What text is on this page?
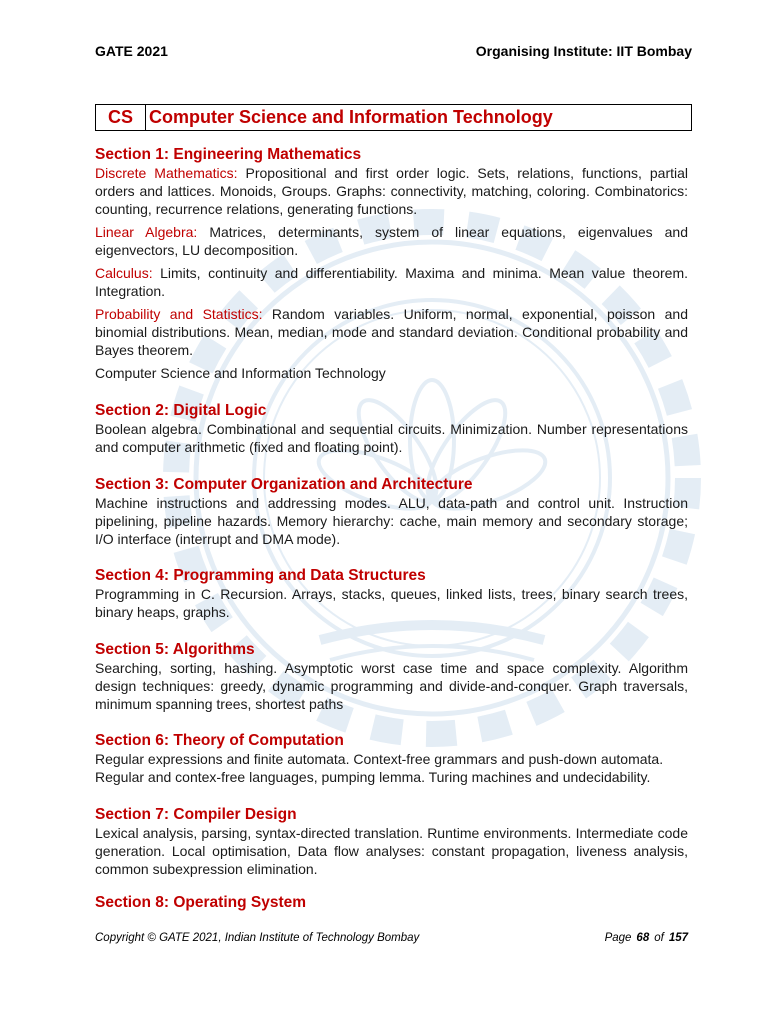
GATE 2021	Organising Institute: IIT Bombay
CS Computer Science and Information Technology
Section 1: Engineering Mathematics

Discrete Mathematics: Propositional and first order logic. Sets, relations, functions, partial orders and lattices. Monoids, Groups. Graphs: connectivity, matching, coloring. Combinatorics: counting, recurrence relations, generating functions.

Linear Algebra: Matrices, determinants, system of linear equations, eigenvalues and eigenvectors, LU decomposition.

Calculus: Limits, continuity and differentiability. Maxima and minima. Mean value theorem. Integration.

Probability and Statistics: Random variables. Uniform, normal, exponential, poisson and binomial distributions. Mean, median, mode and standard deviation. Conditional probability and Bayes theorem.

Computer Science and Information Technology

Section 2: Digital Logic

Boolean algebra. Combinational and sequential circuits. Minimization. Number representations and computer arithmetic (fixed and floating point).

Section 3: Computer Organization and Architecture

Machine instructions and addressing modes. ALU, data-path and control unit. Instruction pipelining, pipeline hazards. Memory hierarchy: cache, main memory and secondary storage; I/O interface (interrupt and DMA mode).

Section 4: Programming and Data Structures

Programming in C. Recursion. Arrays, stacks, queues, linked lists, trees, binary search trees, binary heaps, graphs.

Section 5: Algorithms

Searching, sorting, hashing. Asymptotic worst case time and space complexity. Algorithm design techniques: greedy, dynamic programming and divide-and-conquer. Graph traversals, minimum spanning trees, shortest paths

Section 6: Theory of Computation

Regular expressions and finite automata. Context-free grammars and push-down automata. Regular and contex-free languages, pumping lemma. Turing machines and undecidability.

Section 7: Compiler Design

Lexical analysis, parsing, syntax-directed translation. Runtime environments. Intermediate code generation. Local optimisation, Data flow analyses: constant propagation, liveness analysis, common subexpression elimination.

Section 8: Operating System
Copyright © GATE 2021, Indian Institute of Technology Bombay	Page 68 of 157
